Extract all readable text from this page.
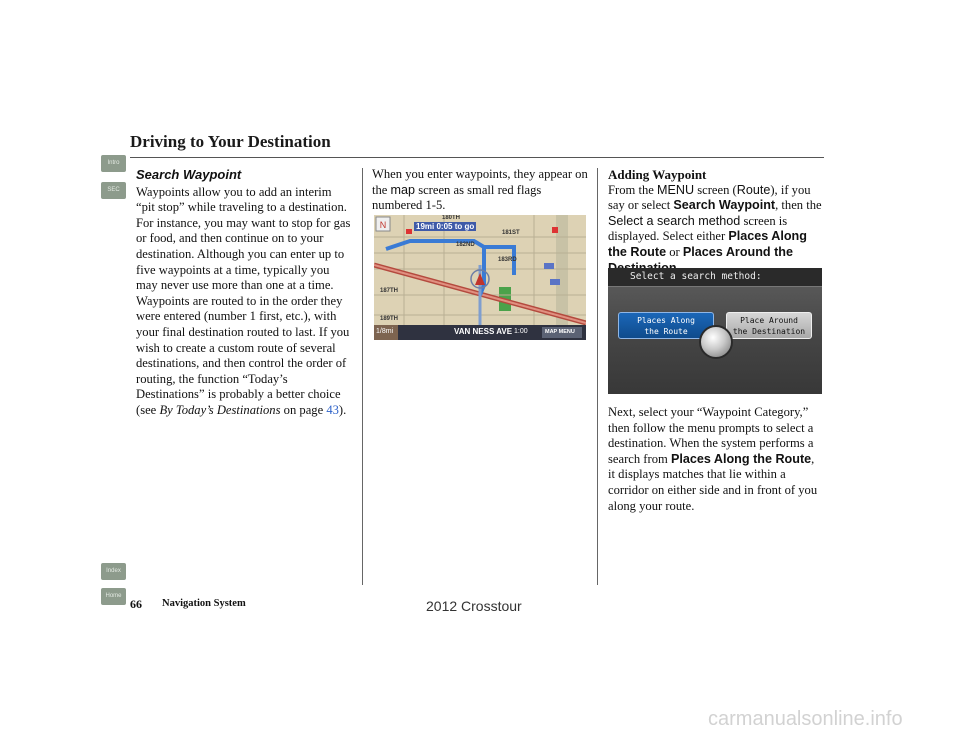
Driving to Your Destination
Intro
SEC
Index
Home

Search Waypoint

Waypoints allow you to add an interim “pit stop” while traveling to a destination. For instance, you may want to stop for gas or food, and then continue on to your destination. Although you can enter up to five waypoints at a time, typically you may never use more than one at a time. Waypoints are routed to in the order they were entered (number 1 first, etc.), with your final destination routed to last. If you wish to create a custom route of several destinations, and then control the order of routing, the function “Today’s Destinations” is probably a better choice (see By Today’s Destinations on page 43).

When you enter waypoints, they appear on the map screen as small red flags numbered 1-5.

N
180TH
181ST
182ND
183RD
187TH
189TH
19mi 0:05 to go
1/8mi	VAN NESS AVE 1:00	MAP MENU

Adding Waypoint

From the MENU screen (Route), if you say or select Search Waypoint, then the Select a search method screen is displayed. Select either Places Along the Route or Places Around the

Select a search method:
Places Along
the Route
Place Around
the Destination

Next, select your “Waypoint Category,” then follow the menu prompts to select a destination. When the system performs a search from Places Along the Route, it displays matches that lie within a corridor on either side and in front of you along your route.

66 Navigation System	2012 Crosstour
carmanualsonline.info
